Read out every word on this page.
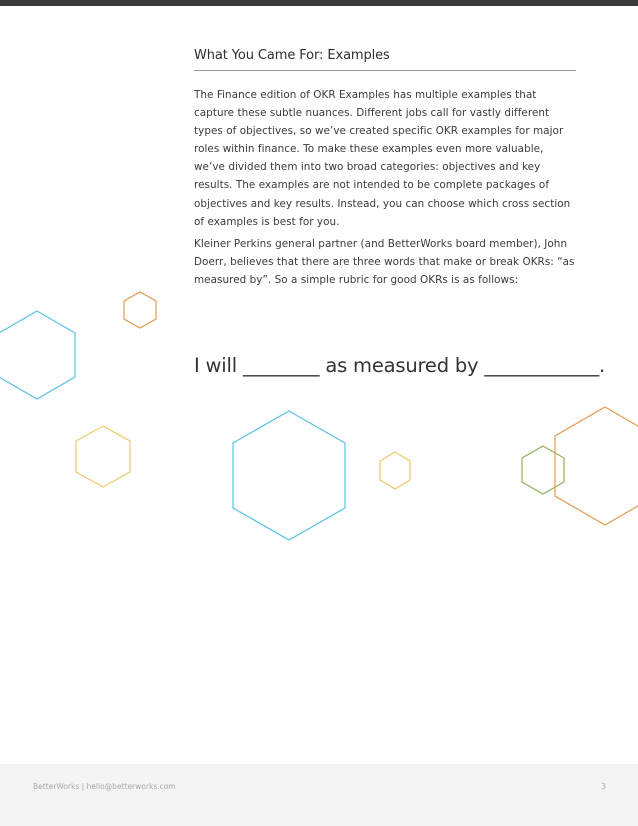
What You Came For: Examples

The Finance edition of OKR Examples has multiple examples that capture these subtle nuances. Different jobs call for vastly different types of objectives, so we’ve created specific OKR examples for major roles within finance. To make these examples even more valuable, we’ve divided them into two broad categories: objectives and key results. The examples are not intended to be complete packages of objectives and key results. Instead, you can choose which cross section of examples is best for you.

Kleiner Perkins general partner (and BetterWorks board member), John Doerr, believes that there are three words that make or break OKRs: “as measured by”. So a simple rubric for good OKRs is as follows:

I will ________ as measured by ____________.

BetterWorks | hello@betterworks.com	3
